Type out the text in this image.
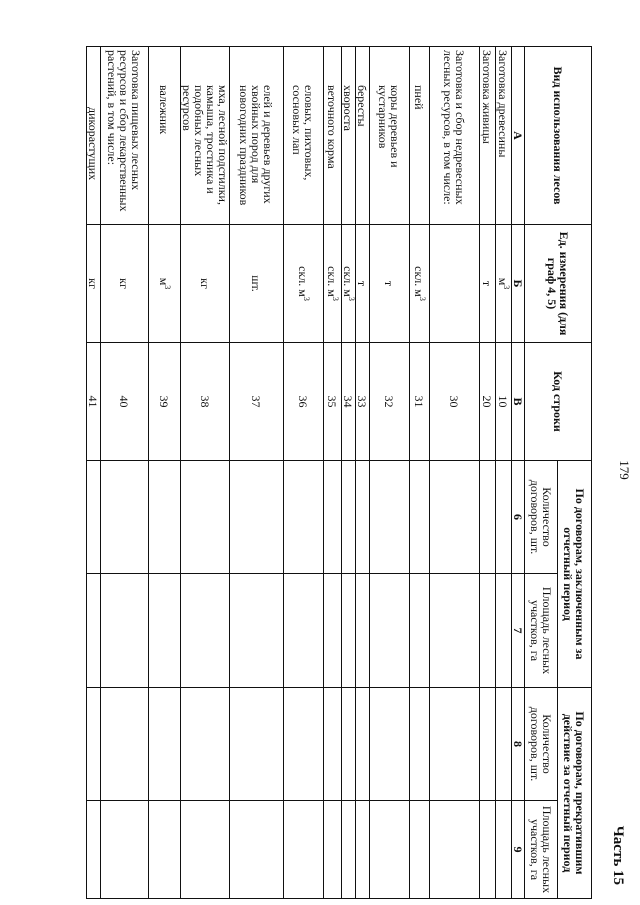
179
Часть 15
Вид использования лесов	Ед. измерения (для граф 4, 5)	Код строки	По договорам, заключенным за отчетный период		По договорам, прекратившим действие за отчетный период	
			Количество договоров, шт.	Площадь лесных участков, га	Количество договоров, шт.	Площадь лесных участков, га
А	Б	В	6	7	8	9
Заготовка древесины	$м^3$	10				
Заготовка живицы	т	20				
Заготовка и сбор недревесных лесных ресурсов, в том числе:		30				
пней	скл. $м^3$	31				
коры деревьев и кустарников	т	32				
бересты	т	33				
хвороста	скл. $м^3$	34				
веточного корма	скл. $м^3$	35				
еловых, пихтовых, сосновых лап	скл. $м^3$	36				
елей и деревьев других хвойных пород для новогодних праздников	шт.	37				
мха, лесной подстилки, камыша, тростника и подобных лесных ресурсов	кг	38				
валежник	$м^3$	39				
Заготовка пищевых лесных ресурсов и сбор лекарственных растений, в том числе:	кг	40				
дикорастущих	кг	41				
